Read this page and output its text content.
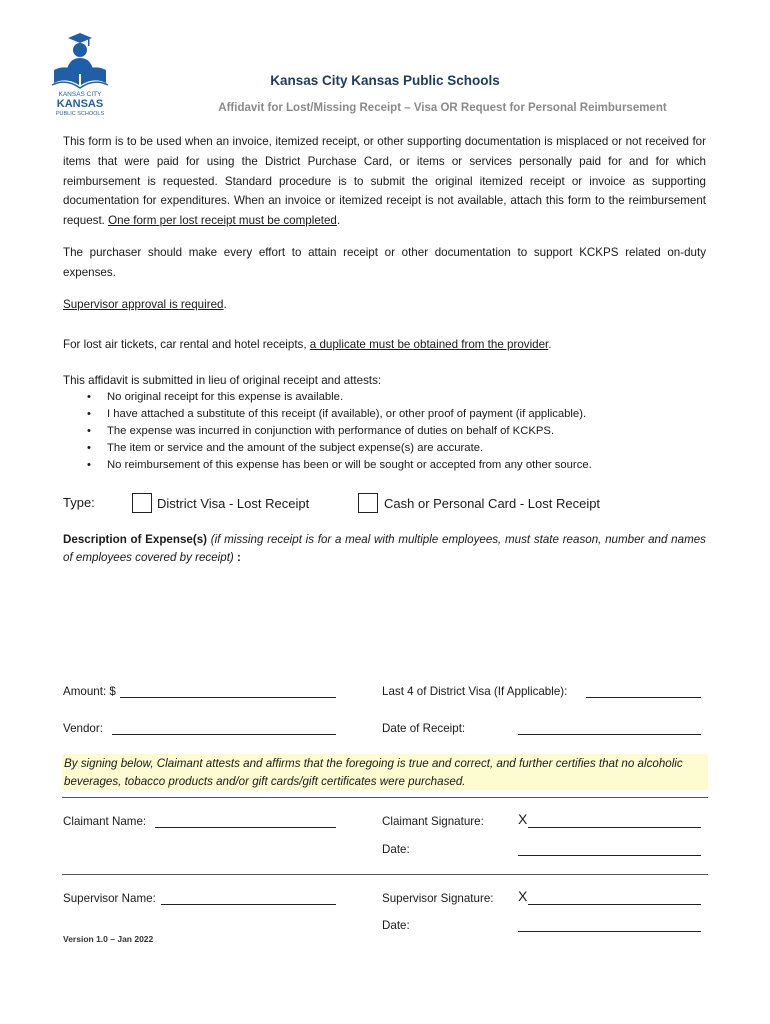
KANSAS CITY
KANSAS
PUBLIC SCHOOLS
Kansas City Kansas Public Schools
Affidavit for Lost/Missing Receipt – Visa OR Request for Personal Reimbursement
This form is to be used when an invoice, itemized receipt, or other supporting documentation is misplaced or not received for items that were paid for using the District Purchase Card, or items or services personally paid for and for which reimbursement is requested. Standard procedure is to submit the original itemized receipt or invoice as supporting documentation for expenditures. When an invoice or itemized receipt is not available, attach this form to the reimbursement request. One form per lost receipt must be completed.
The purchaser should make every effort to attain receipt or other documentation to support KCKPS related on-duty expenses.
Supervisor approval is required.
For lost air tickets, car rental and hotel receipts, a duplicate must be obtained from the provider.
This affidavit is submitted in lieu of original receipt and attests:
• No original receipt for this expense is available.
• I have attached a substitute of this receipt (if available), or other proof of payment (if applicable).
• The expense was incurred in conjunction with performance of duties on behalf of KCKPS.
• The item or service and the amount of the subject expense(s) are accurate.
• No reimbursement of this expense has been or will be sought or accepted from any other source.
Type:	District Visa - Lost Receipt	Cash or Personal Card - Lost Receipt
Description of Expense(s) (if missing receipt is for a meal with multiple employees, must state reason, number and names of employees covered by receipt) :
Amount: $	Last 4 of District Visa (If Applicable):
Vendor:	Date of Receipt:
By signing below, Claimant attests and affirms that the foregoing is true and correct, and further certifies that no alcoholic beverages, tobacco products and/or gift cards/gift certificates were purchased.
Claimant Name:	Claimant Signature: X
Date:
Supervisor Name:	Supervisor Signature: X
Date:
Version 1.0 – Jan 2022
